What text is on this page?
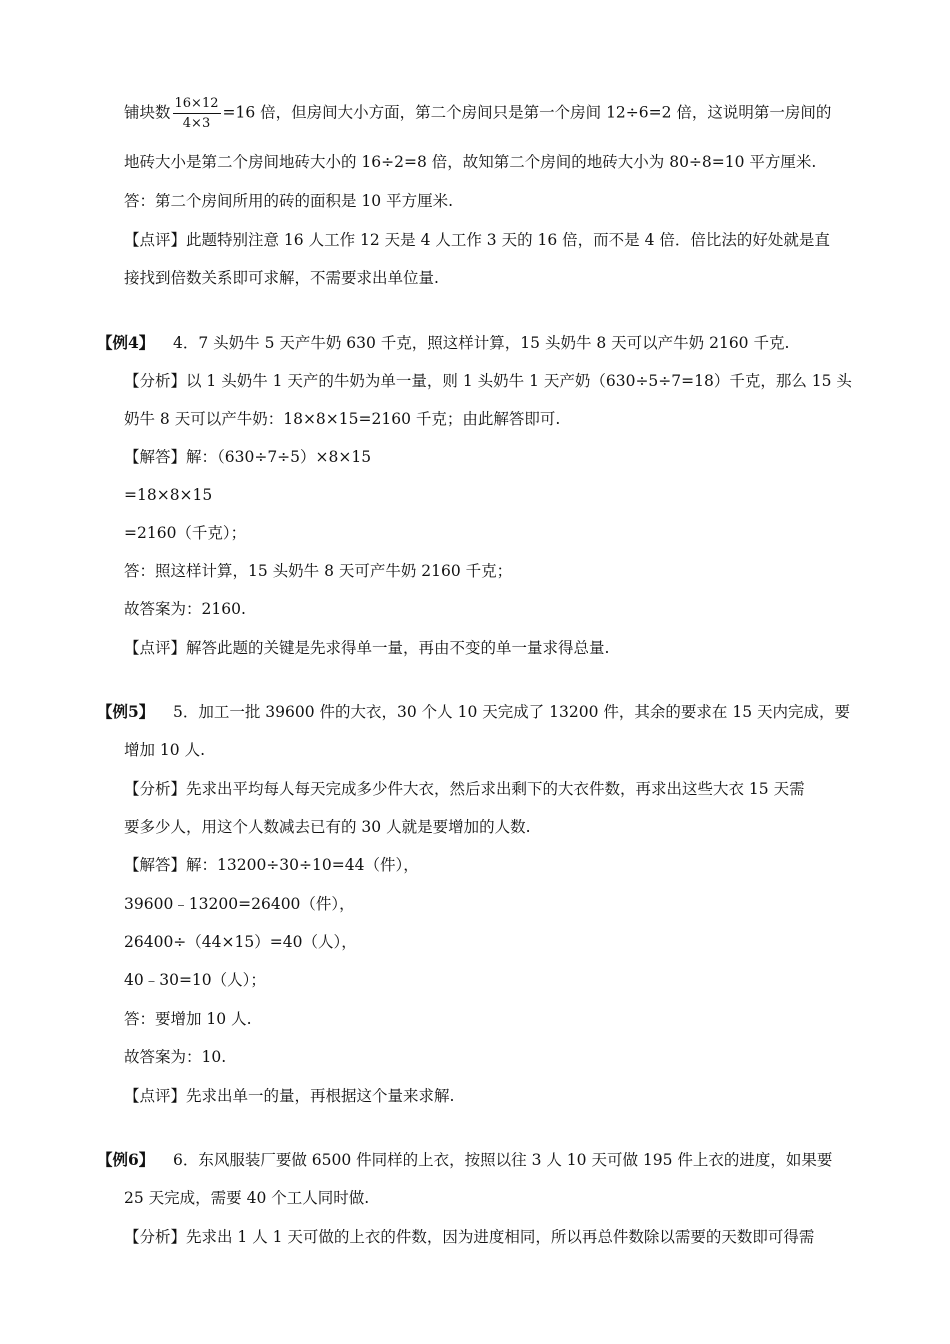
铺块数 $\frac{16\times 12}{4\times 3} =16$ 倍，但房间大小方面，第二个房间只是第一个房间 12÷6=2 倍，这说明第一房间的
地砖大小是第二个房间地砖大小的 16÷2=8 倍，故知第二个房间的地砖大小为 80÷8=10 平方厘米.
答：第二个房间所用的砖的面积是 10 平方厘米.
【点评】此题特别注意 16 人工作 12 天是 4 人工作 3 天的 16 倍，而不是 4 倍．倍比法的好处就是直
接找到倍数关系即可求解，不需要求出单位量.
【例4】 4．7 头奶牛 5 天产牛奶 630 千克，照这样计算，15 头奶牛 8 天可以产牛奶 2160 千克.
【分析】以 1 头奶牛 1 天产的牛奶为单一量，则 1 头奶牛 1 天产奶（630÷5÷7=18）千克，那么 15 头
奶牛 8 天可以产牛奶：18×8×15=2160 千克；由此解答即可.
【解答】解：（630÷7÷5）×8×15
=18×8×15
=2160（千克）；
答：照这样计算，15 头奶牛 8 天可产牛奶 2160 千克；
故答案为：2160.
【点评】解答此题的关键是先求得单一量，再由不变的单一量求得总量.
【例5】 5．加工一批 39600 件的大衣，30 个人 10 天完成了 13200 件，其余的要求在 15 天内完成，要
增加 10 人.
【分析】先求出平均每人每天完成多少件大衣，然后求出剩下的大衣件数，再求出这些大衣 15 天需
要多少人，用这个人数减去已有的 30 人就是要增加的人数.
【解答】解：13200÷30÷10=44（件），
39600﹣13200=26400（件），
26400÷（44×15）=40（人），
40﹣30=10（人）；
答：要增加 10 人.
故答案为：10.
【点评】先求出单一的量，再根据这个量来求解.
【例6】 6．东风服装厂要做 6500 件同样的上衣，按照以往 3 人 10 天可做 195 件上衣的进度，如果要
25 天完成，需要 40 个工人同时做.
【分析】先求出 1 人 1 天可做的上衣的件数，因为进度相同，所以再总件数除以需要的天数即可得需
